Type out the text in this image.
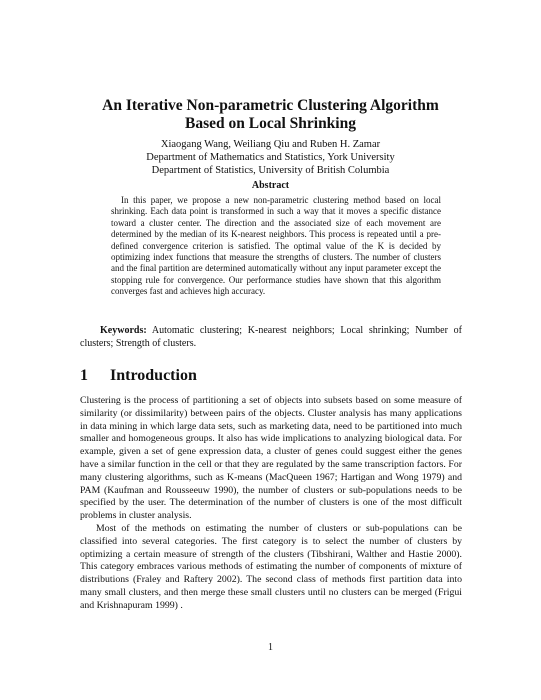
An Iterative Non-parametric Clustering Algorithm
Based on Local Shrinking
Xiaogang Wang, Weiliang Qiu and Ruben H. Zamar
Department of Mathematics and Statistics, York University
Department of Statistics, University of British Columbia
Abstract
In this paper, we propose a new non-parametric clustering method based on local shrinking. Each data point is transformed in such a way that it moves a specific distance toward a cluster center. The direction and the associated size of each movement are determined by the median of its K-nearest neighbors. This process is repeated until a pre-defined convergence criterion is satisfied. The optimal value of the K is decided by optimizing index functions that measure the strengths of clusters. The number of clusters and the final partition are determined automatically without any input parameter except the stopping rule for convergence. Our performance studies have shown that this algorithm converges fast and achieves high accuracy.
Keywords: Automatic clustering; K-nearest neighbors; Local shrinking; Number of clusters; Strength of clusters.
1 Introduction

Clustering is the process of partitioning a set of objects into subsets based on some measure of similarity (or dissimilarity) between pairs of the objects. Cluster analysis has many applications in data mining in which large data sets, such as marketing data, need to be partitioned into much smaller and homogeneous groups. It also has wide implications to analyzing biological data. For example, given a set of gene expression data, a cluster of genes could suggest either the genes have a similar function in the cell or that they are regulated by the same transcription factors. For many clustering algorithms, such as K-means (MacQueen 1967; Hartigan and Wong 1979) and PAM (Kaufman and Rousseeuw 1990), the number of clusters or sub-populations needs to be specified by the user. The determination of the number of clusters is one of the most difficult problems in cluster analysis.

Most of the methods on estimating the number of clusters or sub-populations can be classified into several categories. The first category is to select the number of clusters by optimizing a certain measure of strength of the clusters (Tibshirani, Walther and Hastie 2000). This category embraces various methods of estimating the number of components of mixture of distributions (Fraley and Raftery 2002). The second class of methods first partition data into many small clusters, and then merge these small clusters until no clusters can be merged (Frigui and Krishnapuram 1999) .

1
